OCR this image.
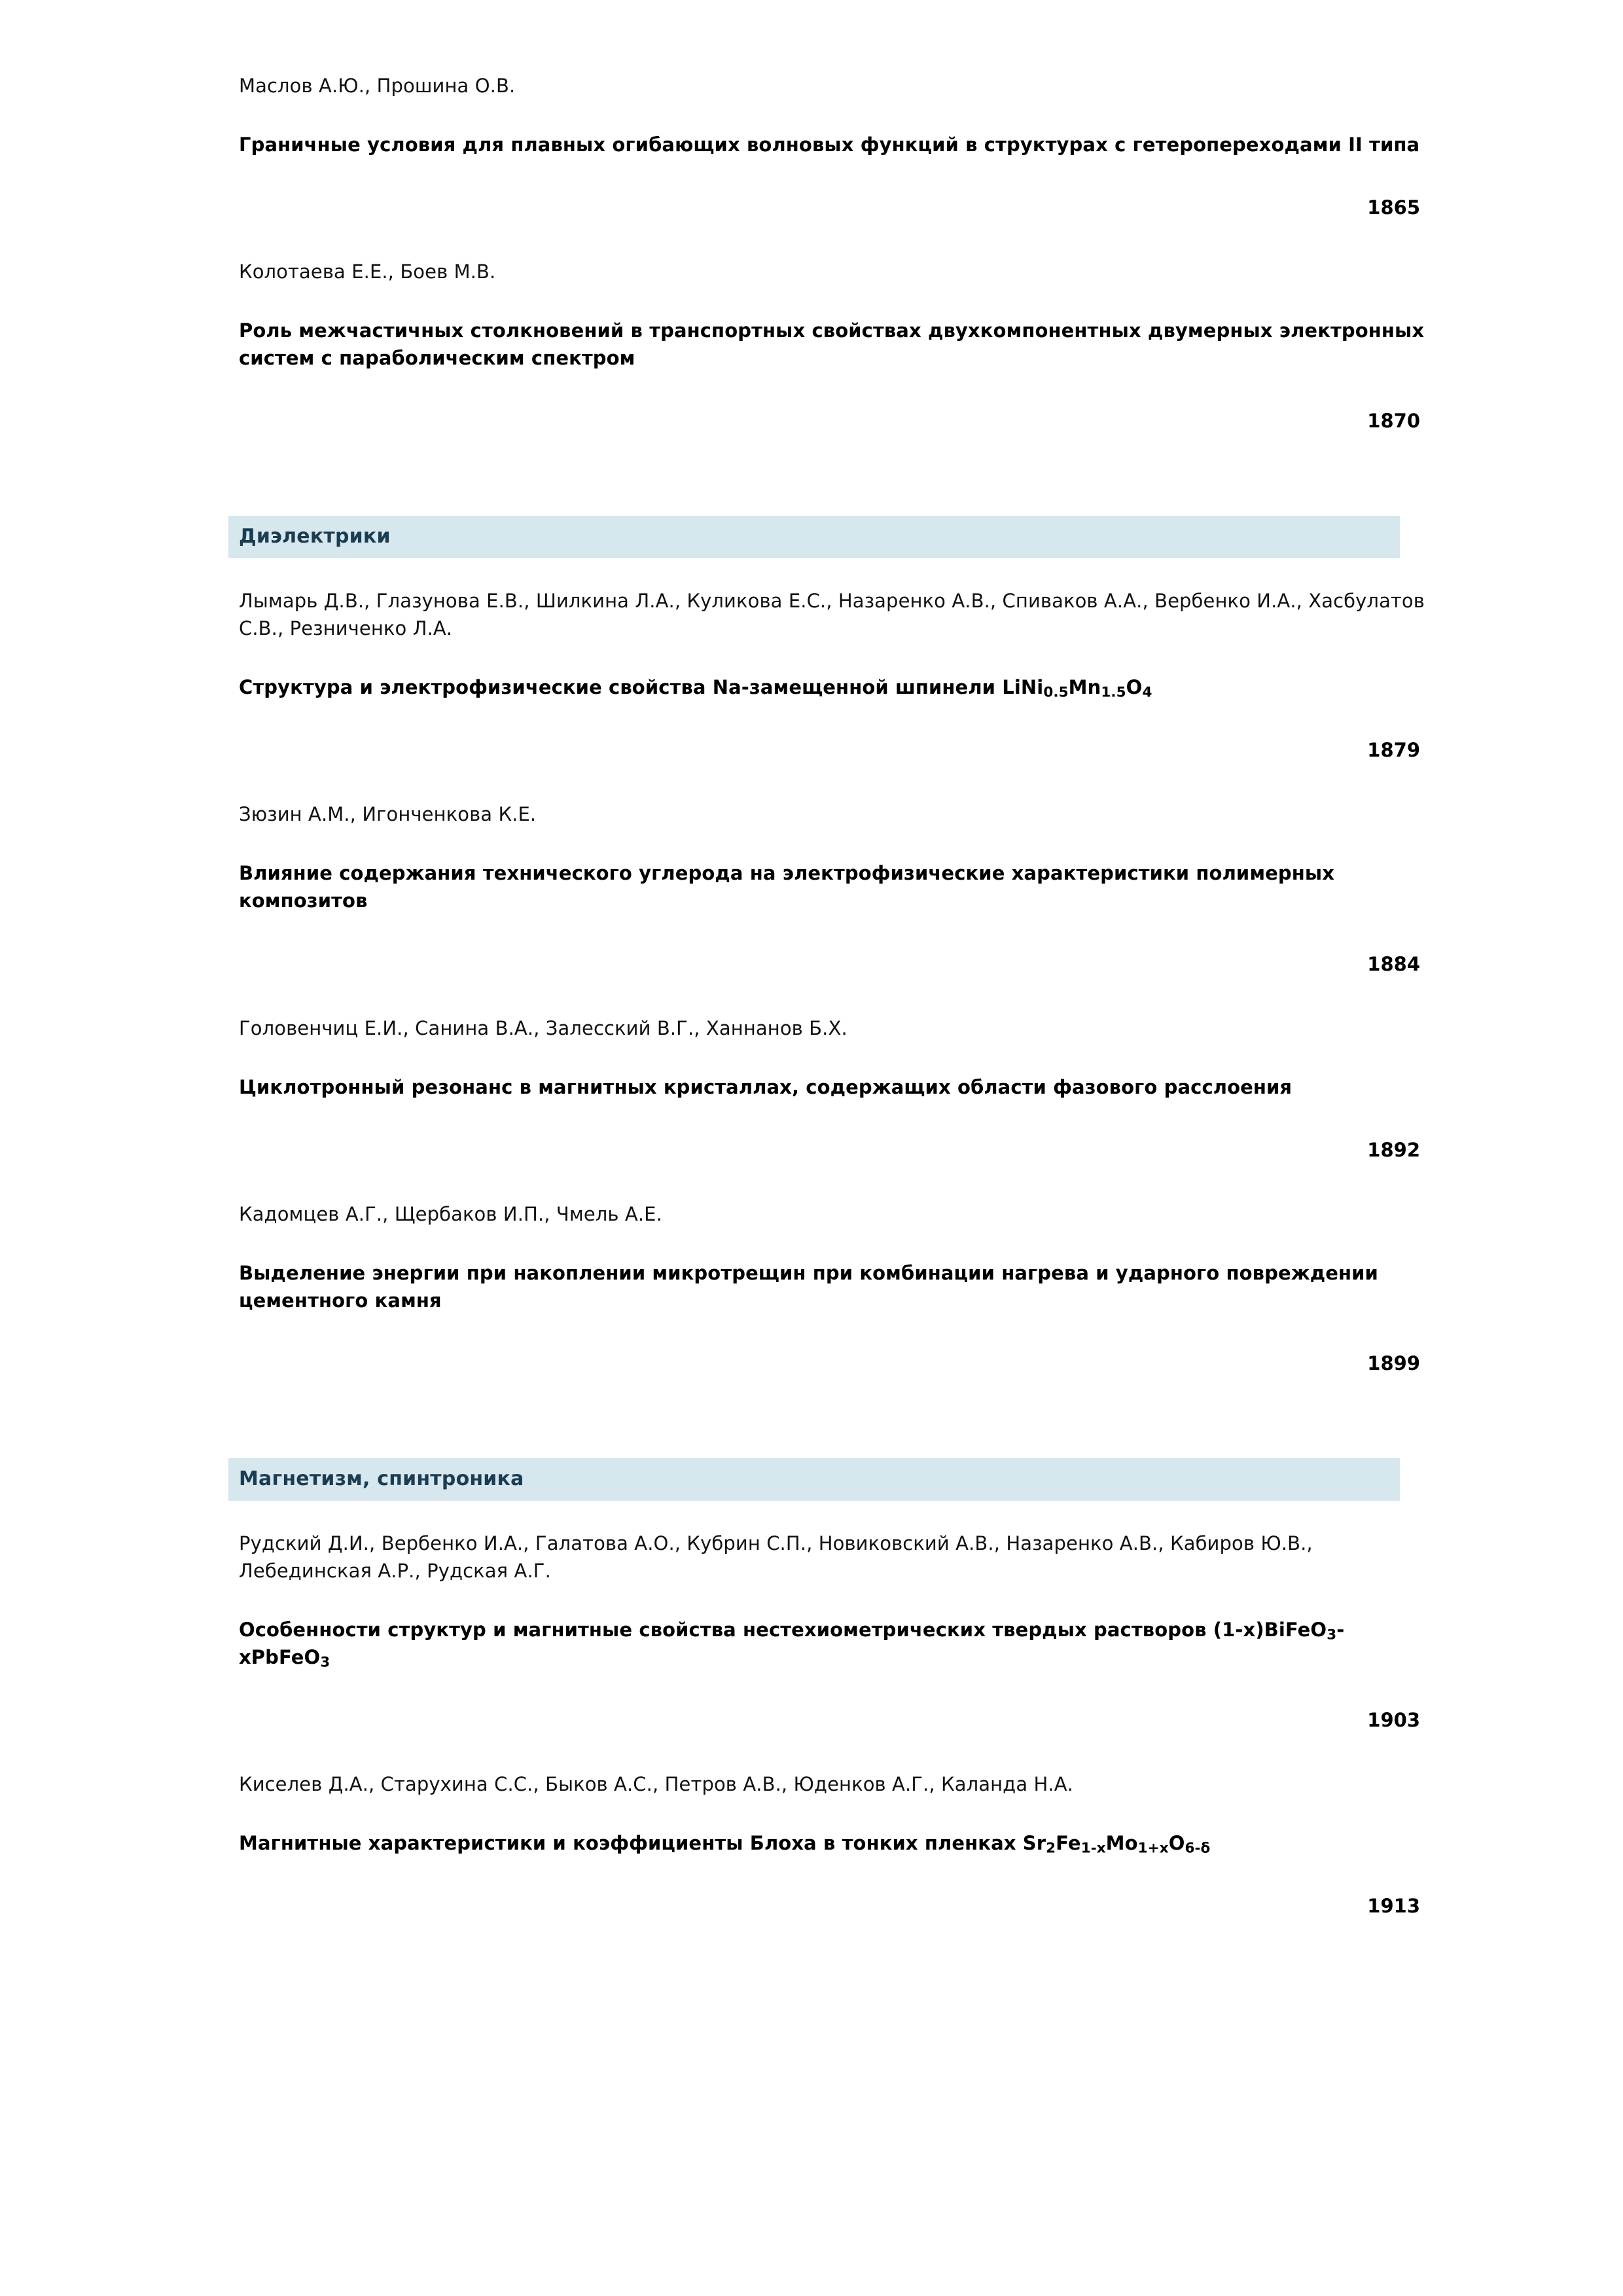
Маслов А.Ю., Прошина О.В.
Граничные условия для плавных огибающих волновых функций в структурах с гетеропереходами II типа
1865
Колотаева Е.Е., Боев М.В.
Роль межчастичных столкновений в транспортных свойствах двухкомпонентных двумерных электронных систем с параболическим спектром
1870
Диэлектрики
Лымарь Д.В., Глазунова Е.В., Шилкина Л.А., Куликова Е.С., Назаренко А.В., Спиваков А.А., Вербенко И.А., Хасбулатов С.В., Резниченко Л.А.
Структура и электрофизические свойства Na-замещенной шпинели $LiNi_{0.5}Mn_{1.5}O_4$
1879
Зюзин А.М., Игонченкова К.Е.
Влияние содержания технического углерода на электрофизические характеристики полимерных композитов
1884
Головенчиц Е.И., Санина В.А., Залесский В.Г., Ханнанов Б.Х.
Циклотронный резонанс в магнитных кристаллах, содержащих области фазового расслоения
1892
Кадомцев А.Г., Щербаков И.П., Чмель А.Е.
Выделение энергии при накоплении микротрещин при комбинации нагрева и ударного повреждении цементного камня
1899
Магнетизм, спинтроника
Рудский Д.И., Вербенко И.А., Галатова А.О., Кубрин С.П., Новиковский А.В., Назаренко А.В., Кабиров Ю.В., Лебединская А.Р., Рудская А.Г.
Особенности структур и магнитные свойства нестехиометрических твердых растворов (1-х)BiFeO$_3$-xPbFeO$_3$
1903
Киселев Д.А., Старухина С.С., Быков А.С., Петров А.В., Юденков А.Г., Каланда Н.А.
Магнитные характеристики и коэффициенты Блоха в тонких пленках $Sr_2Fe_{1-x}Mo_{1+x}O_{6-\delta}$
1913
